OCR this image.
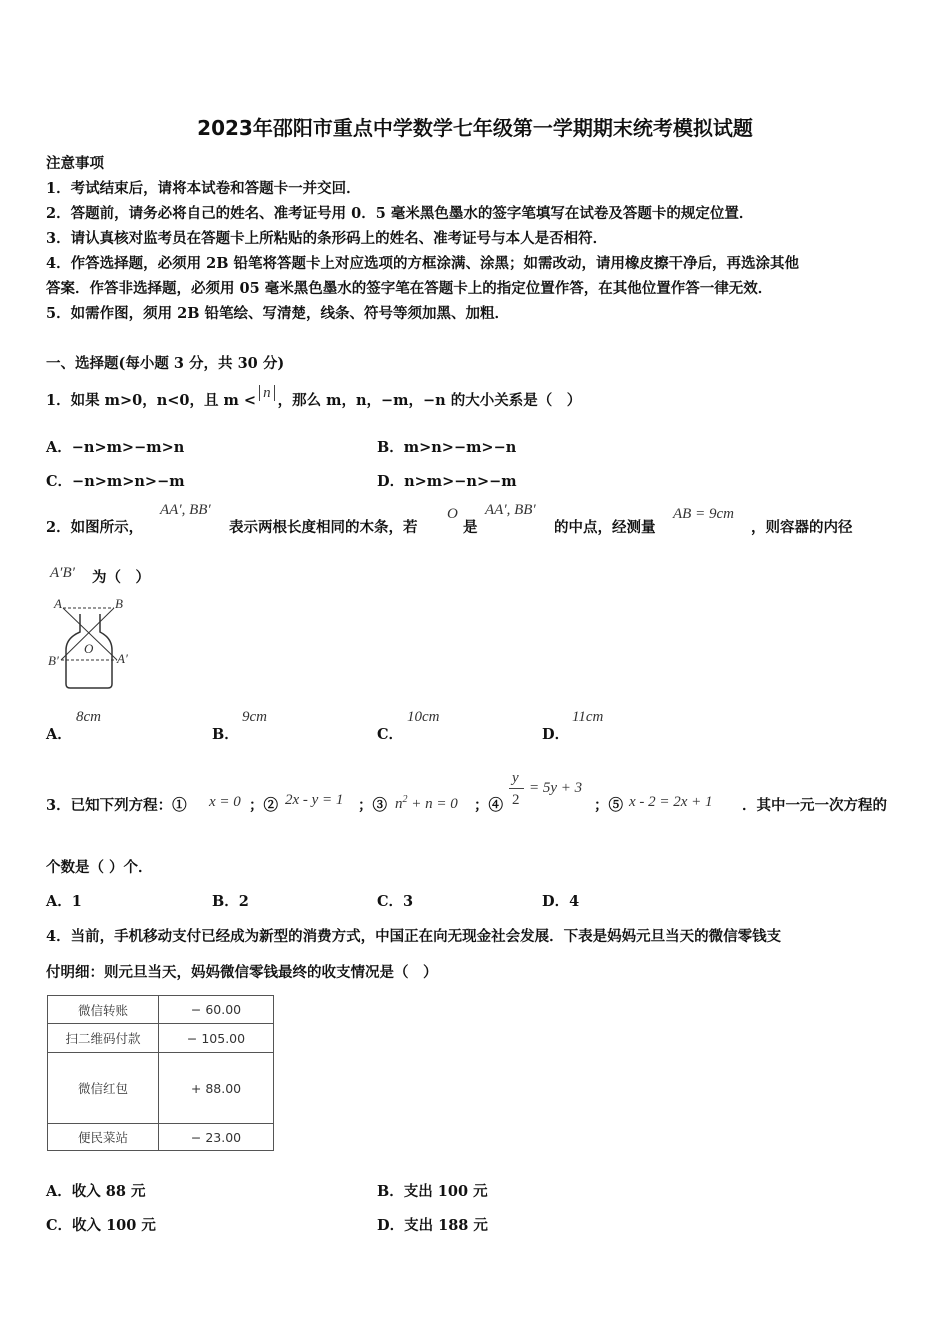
2023年邵阳市重点中学数学七年级第一学期期末统考模拟试题
注意事项
1．考试结束后，请将本试卷和答题卡一并交回．
2．答题前，请务必将自己的姓名、准考证号用 0．5 毫米黑色墨水的签字笔填写在试卷及答题卡的规定位置．
3．请认真核对监考员在答题卡上所粘贴的条形码上的姓名、准考证号与本人是否相符．
4．作答选择题，必须用 2B 铅笔将答题卡上对应选项的方框涂满、涂黑；如需改动，请用橡皮擦干净后，再选涂其他
答案．作答非选择题，必须用 05 毫米黑色墨水的签字笔在答题卡上的指定位置作答，在其他位置作答一律无效．
5．如需作图，须用 2B 铅笔绘、写清楚，线条、符号等须加黑、加粗．
一、选择题(每小题 3 分，共 30 分)
1．如果 m>0，n<0，且 m < n ，那么 m，n，−m，−n 的大小关系是（　）
A．−n>m>−m>n	B．m>n>−m>−n
C．−n>m>n>−m	D．n>m>−n>−m
2．如图所示，
AA′, BB′
表示两根长度相同的木条，若
O
是
AA′, BB′
的中点，经测量
AB = 9cm
，则容器的内径
A′B′ 为（　）
A	B
O
B′	A′
A．
8cm
B．
9cm
C．
10cm
D．
11cm
3．已知下列方程：① x = 0 ；② 2x - y = 1 ；③ $n^2 + n = 0$ ；④
y
2
= 5y + 3
；⑤ x - 2 = 2x + 1 ．其中一元一次方程的
个数是（ ）个．
A．1	B．2	C．3	D．4
4．当前，手机移动支付已经成为新型的消费方式，中国正在向无现金社会发展．下表是妈妈元旦当天的微信零钱支
付明细：则元旦当天，妈妈微信零钱最终的收支情况是（　）
微信转账	− 60.00
扫二维码付款	− 105.00
微信红包	+ 88.00
便民菜站	− 23.00
A．收入 88 元	B．支出 100 元
C．收入 100 元	D．支出 188 元
